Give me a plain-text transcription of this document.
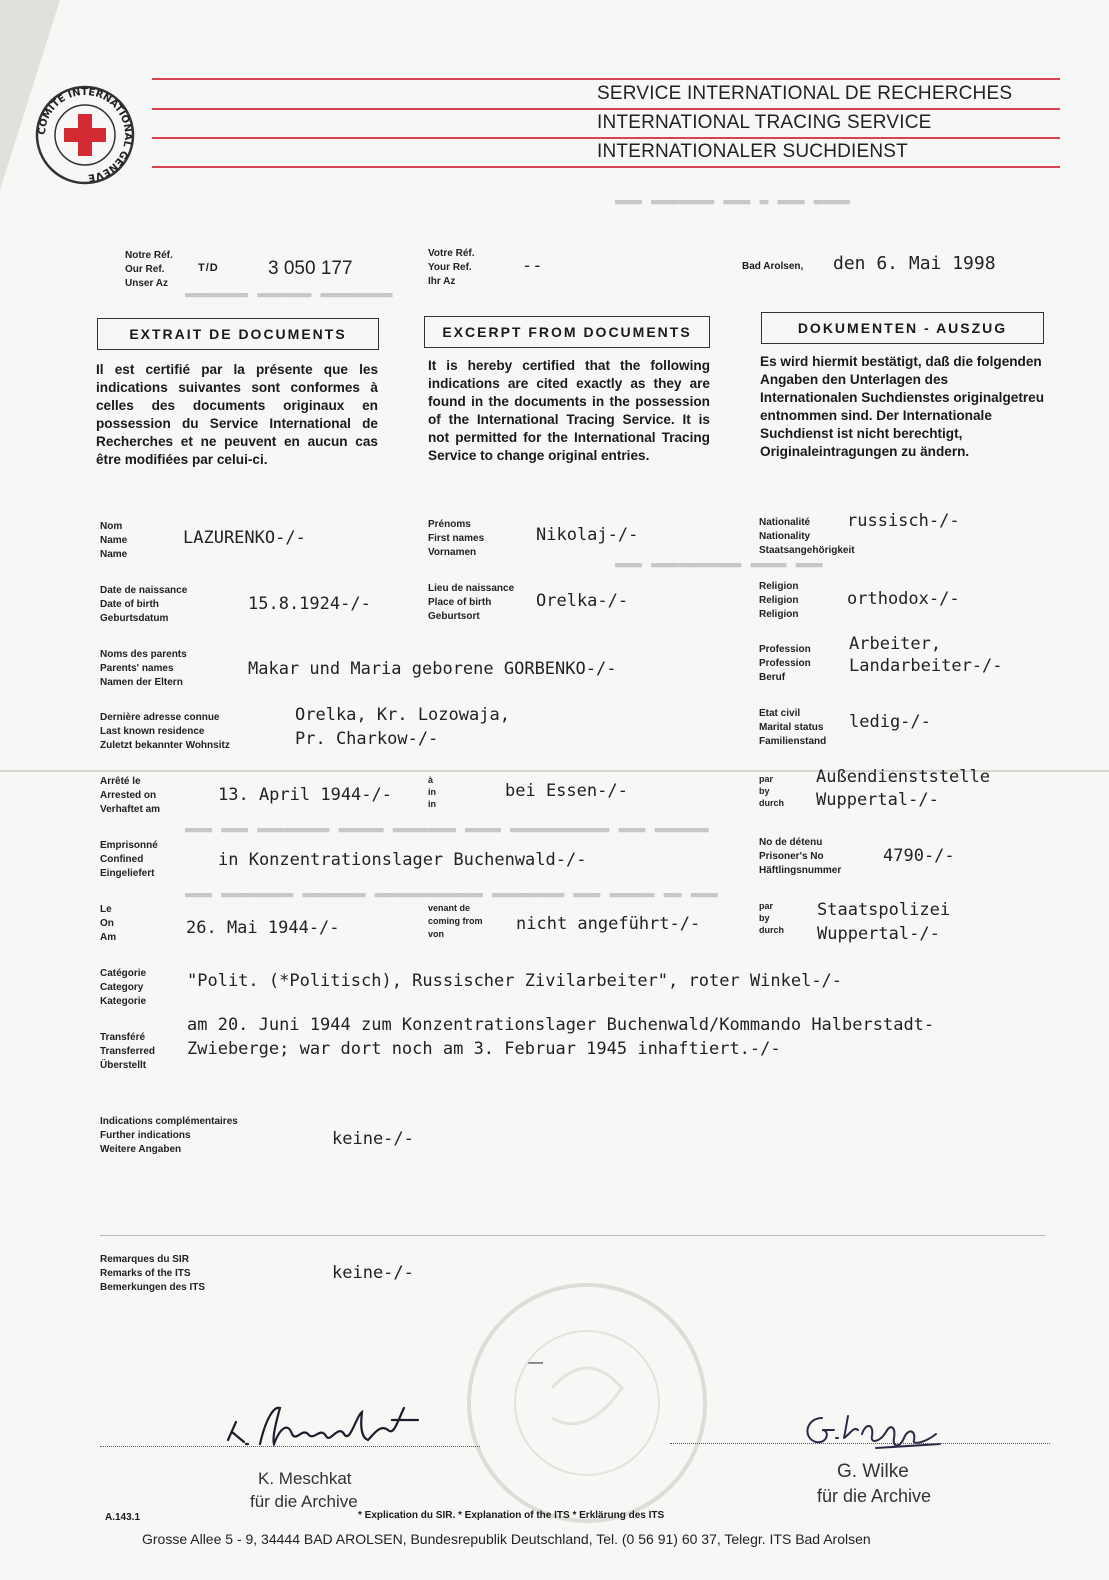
▬▬▬ ▬▬▬▬▬▬▬ ▬▬▬ ▬ ▬▬▬ ▬▬▬▬
▬▬▬▬▬▬▬ ▬▬▬▬▬▬ ▬▬▬▬▬▬▬▬
▬▬▬ ▬▬▬▬▬▬▬▬▬▬ ▬▬▬▬ ▬▬▬
▬▬▬ ▬▬▬ ▬▬▬▬▬▬▬▬ ▬▬▬▬▬ ▬▬▬▬▬▬▬ ▬▬▬▬ ▬▬▬▬▬▬▬▬▬▬▬ ▬▬▬ ▬▬▬▬▬▬
▬▬▬ ▬▬▬▬▬▬▬▬ ▬▬▬▬▬▬▬ ▬▬▬▬▬▬▬▬▬▬▬▬ ▬▬▬▬▬▬▬▬ ▬▬▬ ▬▬▬▬▬ ▬▬ ▬▬▬
COMITE INTERNATIONAL GENEVE
SERVICE INTERNATIONAL DE RECHERCHES
INTERNATIONAL TRACING SERVICE
INTERNATIONALER SUCHDIENST
Notre Réf.
Our Ref.
Unser Az
T/D	3 050 177
Votre Réf.
Your Ref.
Ihr Az
--	Bad Arolsen, den 6. Mai 1998
EXTRAIT DE DOCUMENTS	EXCERPT FROM DOCUMENTS	DOKUMENTEN - AUSZUG
Il est certifié par la présente que les indications suivantes sont conformes à celles des documents originaux en possession du Service International de Recherches et ne peuvent en aucun cas être modifiées par celui-ci.
It is hereby certified that the following indications are cited exactly as they are found in the documents in the possession of the International Tracing Service. It is not permitted for the International Tracing Service to change original entries.
Es wird hiermit bestätigt, daß die folgenden Angaben den Unterlagen des Internationalen Suchdienstes originalgetreu entnommen sind. Der Internationale Suchdienst ist nicht berechtigt, Originaleintragungen zu ändern.
Nom
Name
Name
LAZURENKO-/-
Prénoms
First names
Vornamen
Nikolaj-/-
Nationalité
Nationality
Staatsangehörigkeit
russisch-/-
Date de naissance
Date of birth
Geburtsdatum
15.8.1924-/-
Lieu de naissance
Place of birth
Geburtsort
Orelka-/-
Religion
Religion
Religion
orthodox-/-
Noms des parents
Parents' names
Namen der Eltern
Makar und Maria geborene GORBENKO-/-
Profession
Profession
Beruf
Arbeiter,
Landarbeiter-/-
Dernière adresse connue
Last known residence
Zuletzt bekannter Wohnsitz
Orelka, Kr. Lozowaja,
Pr. Charkow-/-
Etat civil
Marital status
Familienstand
ledig-/-
Arrêté le
Arrested on
Verhaftet am
13. April 1944-/-
à
in
in
bei Essen-/-
par
by
durch
Außendienststelle
Wuppertal-/-
Emprisonné
Confined
Eingeliefert
in Konzentrationslager Buchenwald-/-
No de détenu
Prisoner's No
Häftlingsnummer
4790-/-
Le
On
Am	26. Mai 1944-/-
venant de
coming from
von	nicht angeführt-/-
par
by
durch
Staatspolizei
Wuppertal-/-
Catégorie
Category
Kategorie
"Polit. (*Politisch), Russischer Zivilarbeiter", roter Winkel-/-
Transféré
Transferred
Überstellt
am 20. Juni 1944 zum Konzentrationslager Buchenwald/Kommando Halberstadt-
Zwieberge; war dort noch am 3. Februar 1945 inhaftiert.-/-
Indications complémentaires
Further indications
Weitere Angaben
keine-/-
Remarques du SIR
Remarks of the ITS
Bemerkungen des ITS
keine-/-
—
K. Meschkat
für die Archive
G. Wilke
für die Archive
A.143.1	* Explication du SIR. * Explanation of the ITS * Erklärung des ITS
Grosse Allee 5 - 9, 34444 BAD AROLSEN, Bundesrepublik Deutschland, Tel. (0 56 91) 60 37, Telegr. ITS Bad Arolsen
